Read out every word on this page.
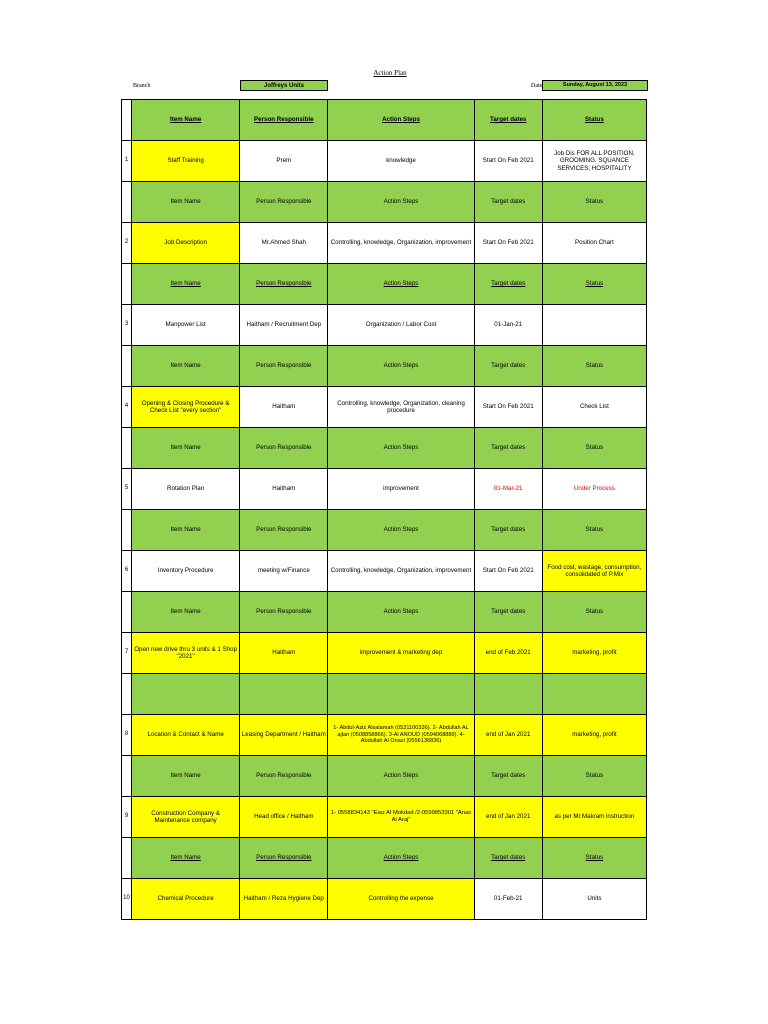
Action Plan
Branch	Joffreys Units	Date	Sunday, August 13, 2023
	Item Name	Person Responsible	Action Steps	Target dates	Status
1	Staff Training	Prem	knowledge	Start On Feb 2021	Job Dis FOR ALL POSITION, GROOMING. SQUANCE SERVICES, HOSPITALITY
	Item Name	Person Responsible	Action Steps	Target dates	Status
2	Job Description	Mr.Ahmed Shah	Controlling, knowledge, Organization, improvement	Start On Feb 2021	Position Chart
	Item Name	Person Responsible	Action Steps	Target dates	Status
3	Manpower List	Haitham / Recruitment Dep	Organization / Labor Cost	01-Jan-21	
	Item Name	Person Responsible	Action Steps	Target dates	Status
4	Opening & Closing Procedure & Check List "every section"	Haitham	Controlling, knowledge, Organization, cleaning procedure	Start On Feb 2021	Check List
	Item Name	Person Responsible	Action Steps	Target dates	Status
5	Rotation Plan	Haitham	improvement	01-Mar-21	Under Process
	Item Name	Person Responsible	Action Steps	Target dates	Status
6	Inventory Procedure	meeting w/Finance	Controlling, knowledge, Organization, improvement	Start On Feb 2021	Food cost, wastage, consumption, consolidated of P.Mix
	Item Name	Person Responsible	Action Steps	Target dates	Status
7	Open new drive thru 3 units & 1 Shop "2021"	Haitham	improvement & marketing dep	end of Feb 2021	marketing, profit

8	Location & Contact & Name	Leasing Department / Haitham	1- Abdul-Aziz Alsalamah (0531100336). 2- Abdullah AL ajlan (0508858866). 3-Al ANOUD (0594068889). 4-Abdullah Al Onazi (0556136836)	end of Jan 2021	marketing, profit
	Item Name	Person Responsible	Action Steps	Target dates	Status
9	Construction Company & Maintenance company	Head office / Haitham	1- 0558834143 "Eiaz Al Mokdad /2-0599853301 "Anas Al Araj"	end of Jan 2021	as per Mr.Makram instruction
	Item Name	Person Responsible	Action Steps	Target dates	Status
10	Chemical Procedure	Haitham / Reza Hygiene Dep	Controlling the expense	01-Feb-21	Units
